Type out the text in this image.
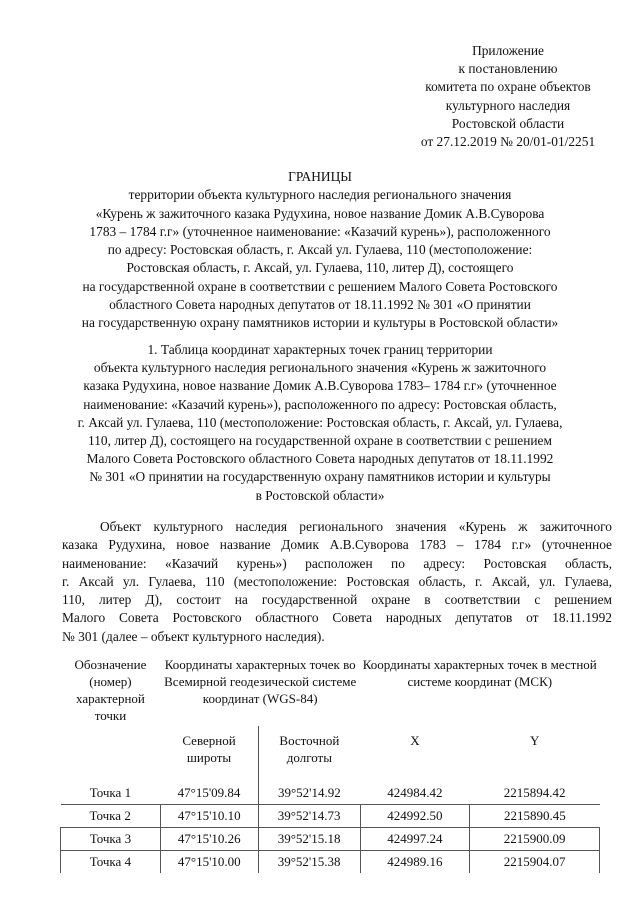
Приложение
к постановлению
комитета по охране объектов
культурного наследия
Ростовской области
от 27.12.2019 № 20/01-01/2251
ГРАНИЦЫ
территории объекта культурного наследия регионального значения
«Курень ж зажиточного казака Рудухина, новое название Домик А.В.Суворова
1783 – 1784 г.г» (уточненное наименование: «Казачий курень»), расположенного
по адресу: Ростовская область, г. Аксай ул. Гулаева, 110 (местоположение:
Ростовская область, г. Аксай, ул. Гулаева, 110, литер Д), состоящего
на государственной охране в соответствии с решением Малого Совета Ростовского
областного Совета народных депутатов от 18.11.1992 № 301 «О принятии
на государственную охрану памятников истории и культуры в Ростовской области»
1. Таблица координат характерных точек границ территории
объекта культурного наследия регионального значения «Курень ж зажиточного
казака Рудухина, новое название Домик А.В.Суворова 1783– 1784 г.г» (уточненное
наименование: «Казачий курень»), расположенного по адресу: Ростовская область,
г. Аксай ул. Гулаева, 110 (местоположение: Ростовская область, г. Аксай, ул. Гулаева,
110, литер Д), состоящего на государственной охране в соответствии с решением
Малого Совета Ростовского областного Совета народных депутатов от 18.11.1992
№ 301 «О принятии на государственную охрану памятников истории и культуры
в Ростовской области»
Объект культурного наследия регионального значения «Курень ж зажиточного
казака Рудухина, новое название Домик А.В.Суворова 1783 – 1784 г.г» (уточненное
наименование: «Казачий курень») расположен по адресу: Ростовская область,
г. Аксай ул. Гулаева, 110 (местоположение: Ростовская область, г. Аксай, ул. Гулаева,
110, литер Д), состоит на государственной охране в соответствии с решением
Малого Совета Ростовского областного Совета народных депутатов от 18.11.1992
№ 301 (далее – объект культурного наследия).
Обозначение (номер) характерной точки	Координаты характерных точек во Всемирной геодезической системе координат (WGS-84)		Координаты характерных точек в местной системе координат (МСК)	
	Северной широты	Восточной долготы	X	Y
Точка 1	47°15'09.84	39°52'14.92	424984.42	2215894.42
Точка 2	47°15'10.10	39°52'14.73	424992.50	2215890.45
Точка 3	47°15'10.26	39°52'15.18	424997.24	2215900.09
Точка 4	47°15'10.00	39°52'15.38	424989.16	2215904.07
